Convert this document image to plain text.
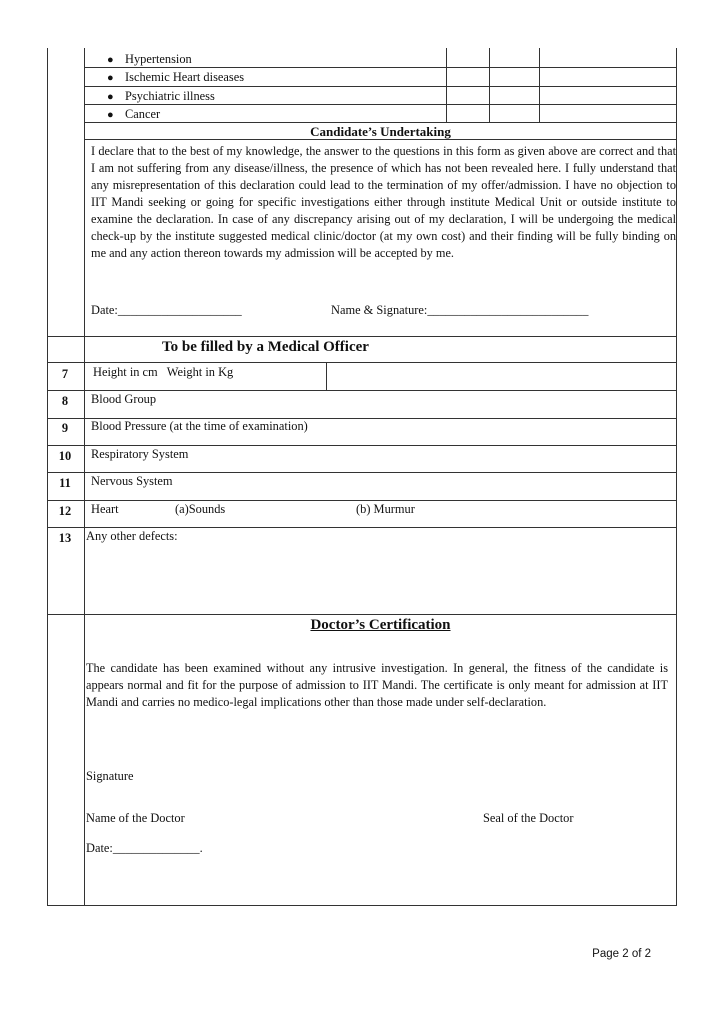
● Hypertension
● Ischemic Heart diseases
● Psychiatric illness
● Cancer
Candidate’s Undertaking
I declare that to the best of my knowledge, the answer to the questions in this form as given above are correct and that I am not suffering from any disease/illness, the presence of which has not been revealed here. I fully understand that any misrepresentation of this declaration could lead to the termination of my offer/admission. I have no objection to IIT Mandi seeking or going for specific investigations either through institute Medical Unit or outside institute to examine the declaration. In case of any discrepancy arising out of my declaration, I will be undergoing the medical check-up by the institute suggested medical clinic/doctor (at my own cost) and their finding will be fully binding on me and any action thereon towards my admission will be accepted by me.
Date:____________________	Name & Signature:__________________________
To be filled by a Medical Officer
7	Height in cm   Weight in Kg
8	Blood Group
9	Blood Pressure (at the time of examination)
10	Respiratory System
11	Nervous System
12	Heart	(a)Sounds	(b) Murmur
13	Any other defects:
Doctor’s Certification
The candidate has been examined without any intrusive investigation. In general, the fitness of the candidate is appears normal and fit for the purpose of admission to IIT Mandi. The certificate is only meant for admission at IIT Mandi and carries no medico-legal implications other than those made under self-declaration.
Signature
Name of the Doctor	Seal of the Doctor
Date:______________.
Page 2 of 2
